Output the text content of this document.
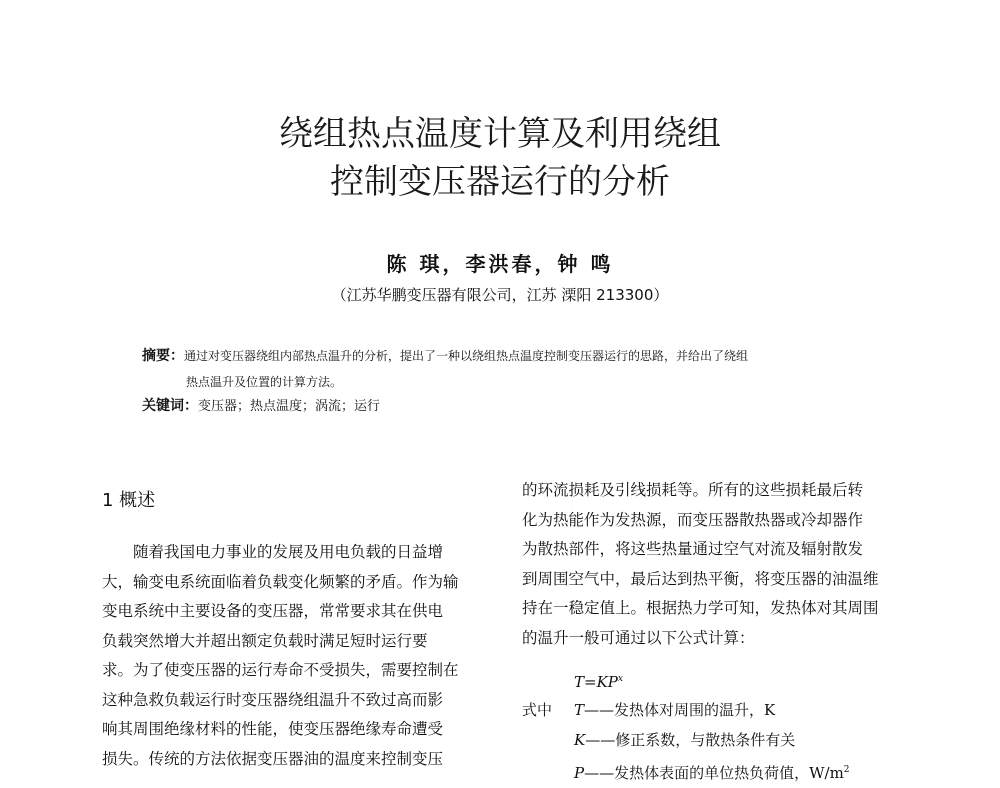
绕组热点温度计算及利用绕组
控制变压器运行的分析
陈 琪，李洪春，钟 鸣
（江苏华鹏变压器有限公司，江苏 溧阳 213300）
摘要：通过对变压器绕组内部热点温升的分析，提出了一种以绕组热点温度控制变压器运行的思路，并给出了绕组
热点温升及位置的计算方法。
关键词：变压器；热点温度；涡流；运行
1 概述
　　随着我国电力事业的发展及用电负载的日益增
大，输变电系统面临着负载变化频繁的矛盾。作为输
变电系统中主要设备的变压器，常常要求其在供电
负载突然增大并超出额定负载时满足短时运行要
求。为了使变压器的运行寿命不受损失，需要控制在
这种急救负载运行时变压器绕组温升不致过高而影
响其周围绝缘材料的性能，使变压器绝缘寿命遭受
损失。传统的方法依据变压器油的温度来控制变压
的环流损耗及引线损耗等。所有的这些损耗最后转
化为热能作为发热源，而变压器散热器或冷却器作
为散热部件，将这些热量通过空气对流及辐射散发
到周围空气中，最后达到热平衡，将变压器的油温维
持在一稳定值上。根据热力学可知，发热体对其周围
的温升一般可通过以下公式计算：
$T=KP^x$
式中 T——发热体对周围的温升，K
K——修正系数，与散热条件有关
P——发热体表面的单位热负荷值，$W/m^2$
